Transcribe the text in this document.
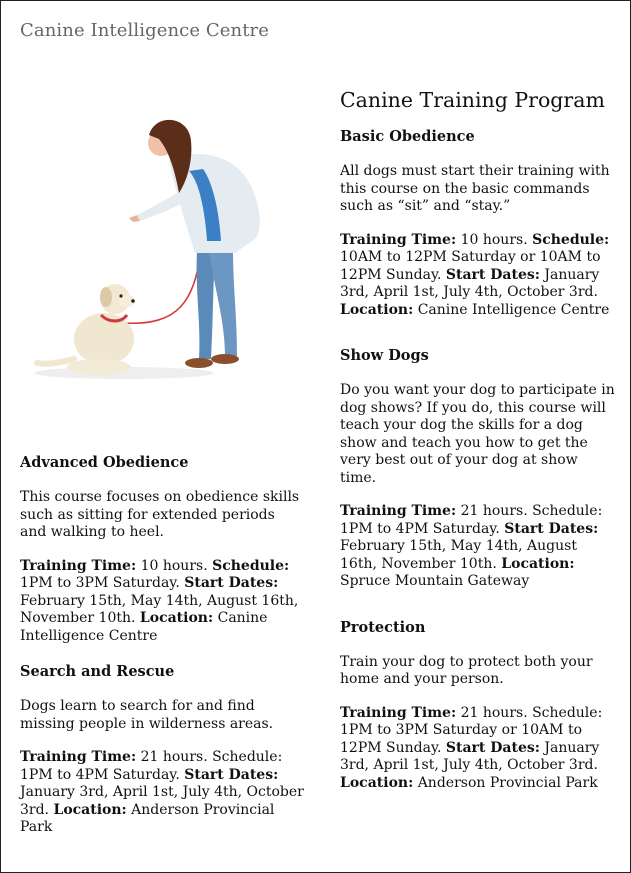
Canine Intelligence Centre
Canine Training Program
Basic Obedience

All dogs must start their training with this course on the basic commands such as “sit” and “stay.”

Training Time: 10 hours. Schedule: 10AM to 12PM Saturday or 10AM to 12PM Sunday. Start Dates: January 3rd, April 1st, July 4th, October 3rd.
Location: Canine Intelligence Centre

Show Dogs

Do you want your dog to participate in dog shows? If you do, this course will teach your dog the skills for a dog show and teach you how to get the very best out of your dog at show time.

Training Time: 21 hours. Schedule: 1PM to 4PM Saturday. Start Dates: February 15th, May 14th, August 16th, November 10th. Location: Spruce Mountain Gateway

Protection

Train your dog to protect both your home and your person.

Training Time: 21 hours. Schedule: 1PM to 3PM Saturday or 10AM to 12PM Sunday. Start Dates: January 3rd, April 1st, July 4th, October 3rd.
Location: Anderson Provincial Park

Advanced Obedience

This course focuses on obedience skills such as sitting for extended periods and walking to heel.

Training Time: 10 hours. Schedule: 1PM to 3PM Saturday. Start Dates: February 15th, May 14th, August 16th, November 10th. Location: Canine Intelligence Centre

Search and Rescue

Dogs learn to search for and find missing people in wilderness areas.

Training Time: 21 hours. Schedule: 1PM to 4PM Saturday. Start Dates: January 3rd, April 1st, July 4th, October 3rd. Location: Anderson Provincial Park
